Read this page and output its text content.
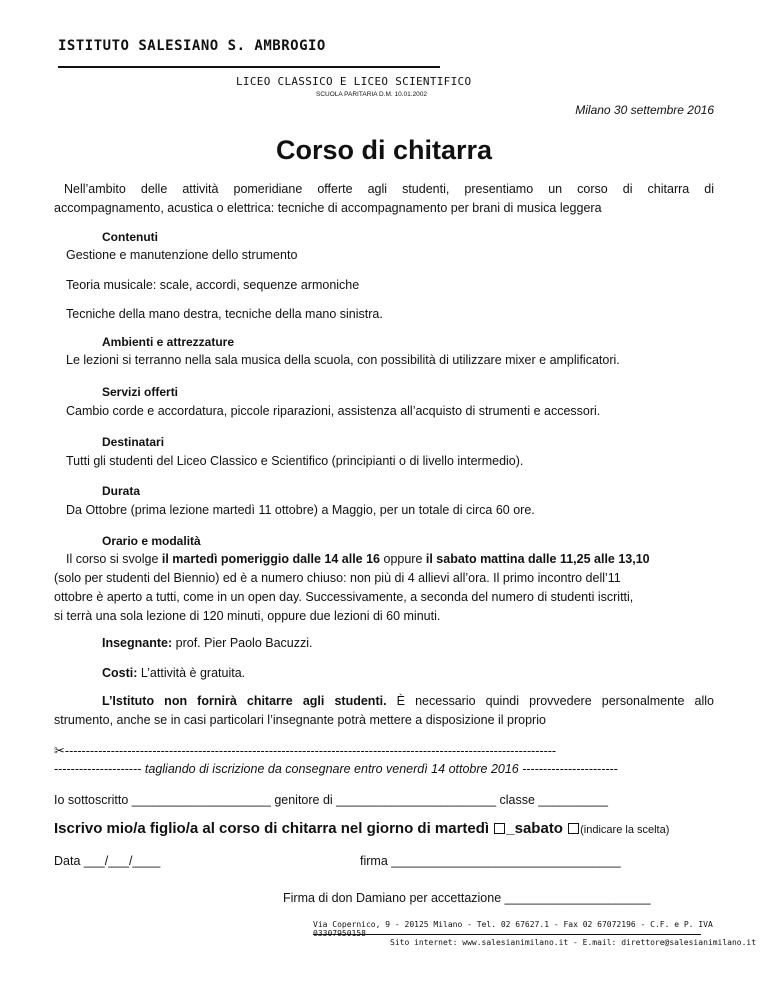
ISTITUTO SALESIANO S. AMBROGIO
LICEO CLASSICO E LICEO SCIENTIFICO
SCUOLA PARITARIA D.M. 10.01.2002
Milano 30 settembre 2016
Corso di chitarra
Nell’ambito delle attività pomeridiane offerte agli studenti, presentiamo un corso di chitarra di
accompagnamento, acustica o elettrica: tecniche di accompagnamento per brani di musica leggera
Contenuti
Gestione e manutenzione dello strumento
Teoria musicale: scale, accordi, sequenze armoniche
Tecniche della mano destra, tecniche della mano sinistra.
Ambienti e attrezzature
Le lezioni si terranno nella sala musica della scuola, con possibilità di utilizzare mixer e amplificatori.
Servizi offerti
Cambio corde e accordatura, piccole riparazioni, assistenza all’acquisto di strumenti e accessori.
Destinatari
Tutti gli studenti del Liceo Classico e Scientifico (principianti o di livello intermedio).
Durata
Da Ottobre (prima lezione martedì 11 ottobre) a Maggio, per un totale di circa 60 ore.
Orario e modalità
Il corso si svolge il martedì pomeriggio dalle 14 alle 16 oppure il sabato mattina dalle 11,25 alle 13,10
(solo per studenti del Biennio) ed è a numero chiuso: non più di 4 allievi all’ora. Il primo incontro dell’11
ottobre è aperto a tutti, come in un open day. Successivamente, a seconda del numero di studenti iscritti,
si terrà una sola lezione di 120 minuti, oppure due lezioni di 60 minuti.
Insegnante: prof. Pier Paolo Bacuzzi.
Costi: L’attività è gratuita.
L’Istituto non fornirà chitarre agli studenti. È necessario quindi provvedere personalmente allo
strumento, anche se in casi particolari l’insegnante potrà mettere a disposizione il proprio
✂----------------------------------------------------------------------------------------------------------------------
--------------------- tagliando di iscrizione da consegnare entro venerdì 14 ottobre 2016 -----------------------
Io sottoscritto ____________________ genitore di _______________________ classe __________
Iscrivo mio/a figlio/a al corso di chitarra nel giorno di martedì _sabato (indicare la scelta)
Data ___/___/____	firma _________________________________
Firma di don Damiano per accettazione _____________________
Via Copernico, 9 - 20125 Milano - Tel. 02 67627.1 - Fax 02 67072196 - C.F. e P. IVA
Sito internet: www.salesianimilano.it - E.mail: direttore@salesianimilano.it
